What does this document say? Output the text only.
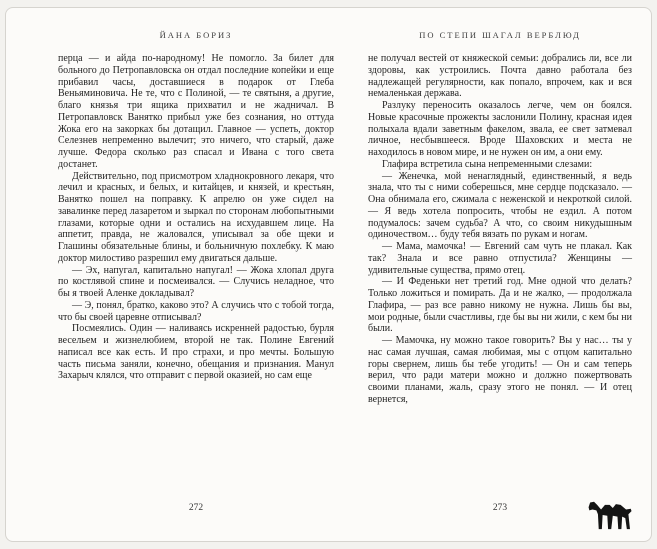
ЙАНА БОРИЗ

перца — и айда по-народному! Не помогло. За билет для больного до Петропавловска он отдал последние копейки и еще прибавил часы, доставшиеся в подарок от Глеба Веньяминовича. Не те, что с Полиной, — те святыня, а другие, благо князья три ящика прихватил и не жадничал. В Петропавловск Ванятко прибыл уже без сознания, но оттуда Жока его на закорках бы дотащил. Главное — успеть, доктор Селезнев непременно вылечит; это ничего, что старый, даже лучше. Федора сколько раз спасал и Ивана с того света достанет.

Действительно, под присмотром хладнокровного лекаря, что лечил и красных, и белых, и китайцев, и князей, и крестьян, Ванятко пошел на поправку. К апрелю он уже сидел на завалинке перед лазаретом и зыркал по сторонам любопытными глазами, которые одни и остались на исхудавшем лице. На аппетит, правда, не жаловался, уписывал за обе щеки и Глашины обязательные блины, и больничную похлебку. К маю доктор милостиво разрешил ему двигаться дальше.

— Эх, напугал, капитально напугал! — Жока хлопал друга по костлявой спине и посмеивался. — Случись неладное, что бы я твоей Аленке докладывал?

— Э, понял, братко, каково это? А случись что с тобой тогда, что бы своей царевне отписывал?

Посмеялись. Один — наливаясь искренней радостью, бурля весельем и жизнелюбием, второй не так. Полине Евгений написал все как есть. И про страхи, и про мечты. Большую часть письма заняли, конечно, обещания и признания. Манул Захарыч клялся, что отправит с первой оказией, но сам еще

272
ПО СТЕПИ ШАГАЛ ВЕРБЛЮД

не получал вестей от княжеской семьи: добрались ли, все ли здоровы, как устроились. Почта давно работала без надлежащей регулярности, как попало, впрочем, как и вся немаленькая держава.

Разлуку переносить оказалось легче, чем он боялся. Новые красочные прожекты заслонили Полину, красная идея полыхала вдали заветным факелом, звала, ее свет затмевал личное, несбывшееся. Вроде Шаховских и места не находилось в новом мире, и не нужен он им, а они ему.

Глафира встретила сына непременными слезами:

— Женечка, мой ненаглядный, единственный, я ведь знала, что ты с ними соберешься, мне сердце подсказало. — Она обнимала его, сжимала с неженской и некроткой силой. — Я ведь хотела попросить, чтобы не ездил. А потом подумалось: зачем судьба? А что, со своим никудышным одиночеством… буду тебя вязать по рукам и ногам.

— Мама, мамочка! — Евгений сам чуть не плакал. Как так? Знала и все равно отпустила? Женщины — удивительные существа, прямо отец.

— И Феденьки нет третий год. Мне одной что делать? Только ложиться и помирать. Да и не жалко, — продолжала Глафира, — раз все равно никому не нужна. Лишь бы вы, мои родные, были счастливы, где бы вы ни жили, с кем бы ни были.

— Мамочка, ну можно такое говорить? Вы у нас… ты у нас самая лучшая, самая любимая, мы с отцом капитально горы свернем, лишь бы тебе угодить! — Он и сам теперь верил, что ради матери можно и должно пожертвовать своими планами, жаль, сразу этого не понял. — И отец вернется,

273
